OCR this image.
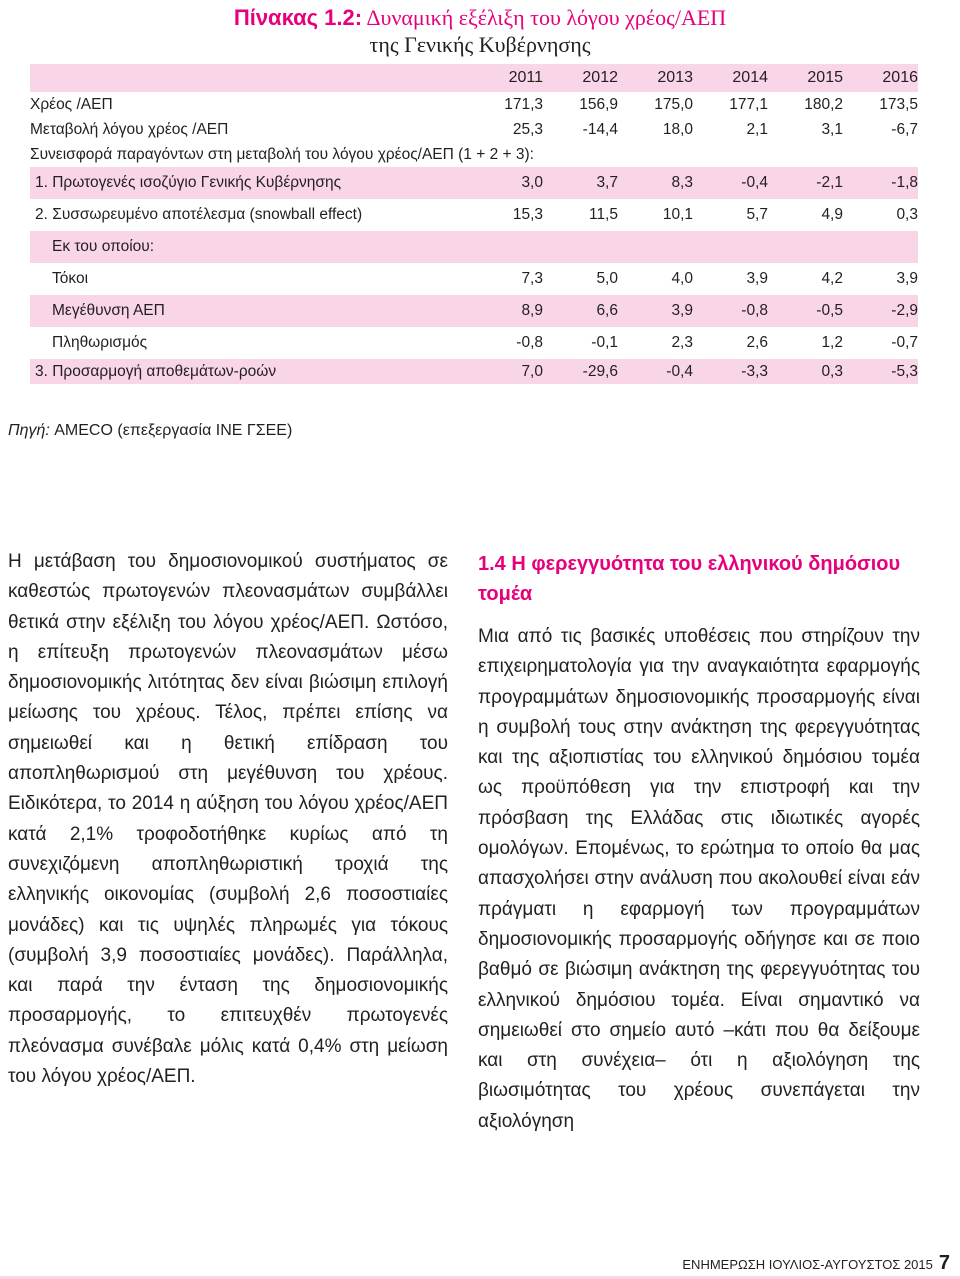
Πίνακας 1.2: Δυναμική εξέλιξη του λόγου χρέος/ΑΕΠ
της Γενικής Κυβέρνησης
	2011	2012	2013	2014	2015	2016
Χρέος /ΑΕΠ	171,3	156,9	175,0	177,1	180,2	173,5
Μεταβολή λόγου χρέος /ΑΕΠ	25,3	-14,4	18,0	2,1	3,1	-6,7
Συνεισφορά παραγόντων στη μεταβολή του λόγου χρέος/ΑΕΠ (1 + 2 + 3):						
1. Πρωτογενές ισοζύγιο Γενικής Κυβέρνησης	3,0	3,7	8,3	-0,4	-2,1	-1,8
2. Συσσωρευμένο αποτέλεσμα (snowball effect)	15,3	11,5	10,1	5,7	4,9	0,3
Εκ του οποίου:						
Τόκοι	7,3	5,0	4,0	3,9	4,2	3,9
Μεγέθυνση ΑΕΠ	8,9	6,6	3,9	-0,8	-0,5	-2,9
Πληθωρισμός	-0,8	-0,1	2,3	2,6	1,2	-0,7
3. Προσαρμογή αποθεμάτων-ροών	7,0	-29,6	-0,4	-3,3	0,3	-5,3
Πηγή: AMECO (επεξεργασία ΙΝΕ ΓΣΕΕ)
Η μετάβαση του δημοσιονομικού συστήματος σε καθεστώς πρωτογενών πλεονασμάτων συμβάλλει θετικά στην εξέλιξη του λόγου χρέος/ΑΕΠ. Ωστόσο, η επίτευξη πρωτογενών πλεονασμάτων μέσω δημοσιονομικής λιτότητας δεν είναι βιώσιμη επιλογή μείωσης του χρέους. Τέλος, πρέπει επίσης να σημειωθεί και η θετική επίδραση του αποπληθωρισμού στη μεγέθυνση του χρέους. Ειδικότερα, το 2014 η αύξηση του λόγου χρέος/ΑΕΠ κατά 2,1% τροφοδοτήθηκε κυρίως από τη συνεχιζόμενη αποπληθωριστική τροχιά της ελληνικής οικονομίας (συμβολή 2,6 ποσοστιαίες μονάδες) και τις υψηλές πληρωμές για τόκους (συμβολή 3,9 ποσοστιαίες μονάδες). Παράλληλα, και παρά την ένταση της δημοσιονομικής προσαρμογής, το επιτευχθέν πρωτογενές πλεόνασμα συνέβαλε μόλις κατά 0,4% στη μείωση του λόγου χρέος/ΑΕΠ.
1.4 Η φερεγγυότητα του ελληνικού δημόσιου τομέα
Μια από τις βασικές υποθέσεις που στηρίζουν την επιχειρηματολογία για την αναγκαιότητα εφαρμογής προγραμμάτων δημοσιονομικής προσαρμογής είναι η συμβολή τους στην ανάκτηση της φερεγγυότητας και της αξιοπιστίας του ελληνικού δημόσιου τομέα ως προϋπόθεση για την επιστροφή και την πρόσβαση της Ελλάδας στις ιδιωτικές αγορές ομολόγων. Επομένως, το ερώτημα το οποίο θα μας απασχολήσει στην ανάλυση που ακολουθεί είναι εάν πράγματι η εφαρμογή των προγραμμάτων δημοσιονομικής προσαρμογής οδήγησε και σε ποιο βαθμό σε βιώσιμη ανάκτηση της φερεγγυότητας του ελληνικού δημόσιου τομέα. Είναι σημαντικό να σημειωθεί στο σημείο αυτό –κάτι που θα δείξουμε και στη συνέχεια– ότι η αξιολόγηση της βιωσιμότητας του χρέους συνεπάγεται την αξιολόγηση
ΕΝΗΜΕΡΩΣΗ ΙΟΥΛΙΟΣ-ΑΥΓΟΥΣΤΟΣ 2015 7
